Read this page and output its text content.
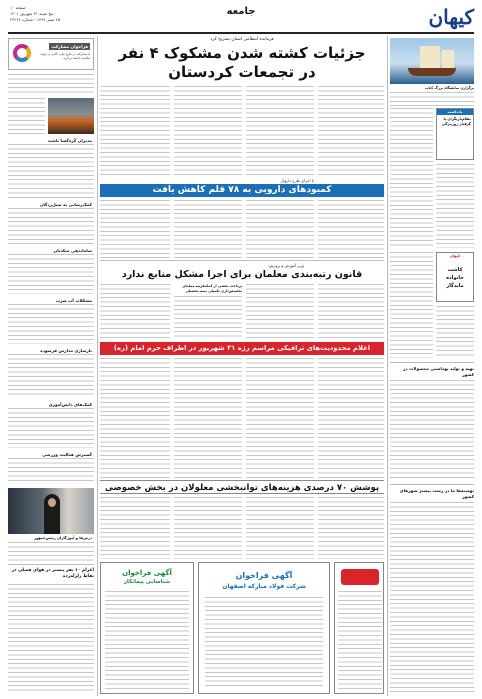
کیهان
جامعه
صفحه ۱۰
پنج شنبه ۳۱ شهریور ۱۴۰۱
۲۵ صفر ۱۴۴۴ - شماره ۲۳۲۴۲
فراخوان مشارکت
با مشارکت در طرح ملی، گامی در جهت سلامت جامعه بردارید.
مدیران گره‌گشا باشند
کمک‌رسانی به سیل‌زدگان
ساماندهی متکدیان
مشکلات آب شرب
بازسازی مدارس فرسوده
کمک‌های دانش‌آموزی
گسترش فعالیت ورزشی
درس‌ها و آموزگاران رئیس‌جمهور
اعزام ۱۰ نفر بیشتر در هوای فصلی در نقاط زلزله‌زده
فرمانده انتظامی استان تشریح کرد
جزئیات کشته شدن مشکوک ۴ نفر
در تجمعات کردستان
با اجرای طرح دارویار
کمبودهای دارویی به ۷۸ قلم کاهش یافت
وزیر آموزش و پرورش:
قانون رتبه‌بندی معلمان برای اجرا مشکل منابع ندارد
پرداخت بخشی از کمک‌هزینه معلمان
تخصیص‌داری تکمیلی نیمه تحصیلی
اعلام محدودیت‌های ترافیکی مراسم رژه ۳۱ شهریور در اطراف حرم امام (ره)
پوشش ۷۰ درصدی هزینه‌های توانبخشی معلولان در بخش خصوصی
آگهی فراخوان
شرکت فولاد مبارکه اصفهان
آگهی فراخوان
شناسایی پیمانکار
برگزاری نمایشگاه بزرگ کتاب
یادداشت
نظام‌بازیگران یا گرفتار روزمرگی
کیهان
کاشت
خانواده
ماندگار
تهیه و تولید بهداشتی محصولات در کشور
تهمینه‌ها ما در رشت بیشتر شهرهای کشور
